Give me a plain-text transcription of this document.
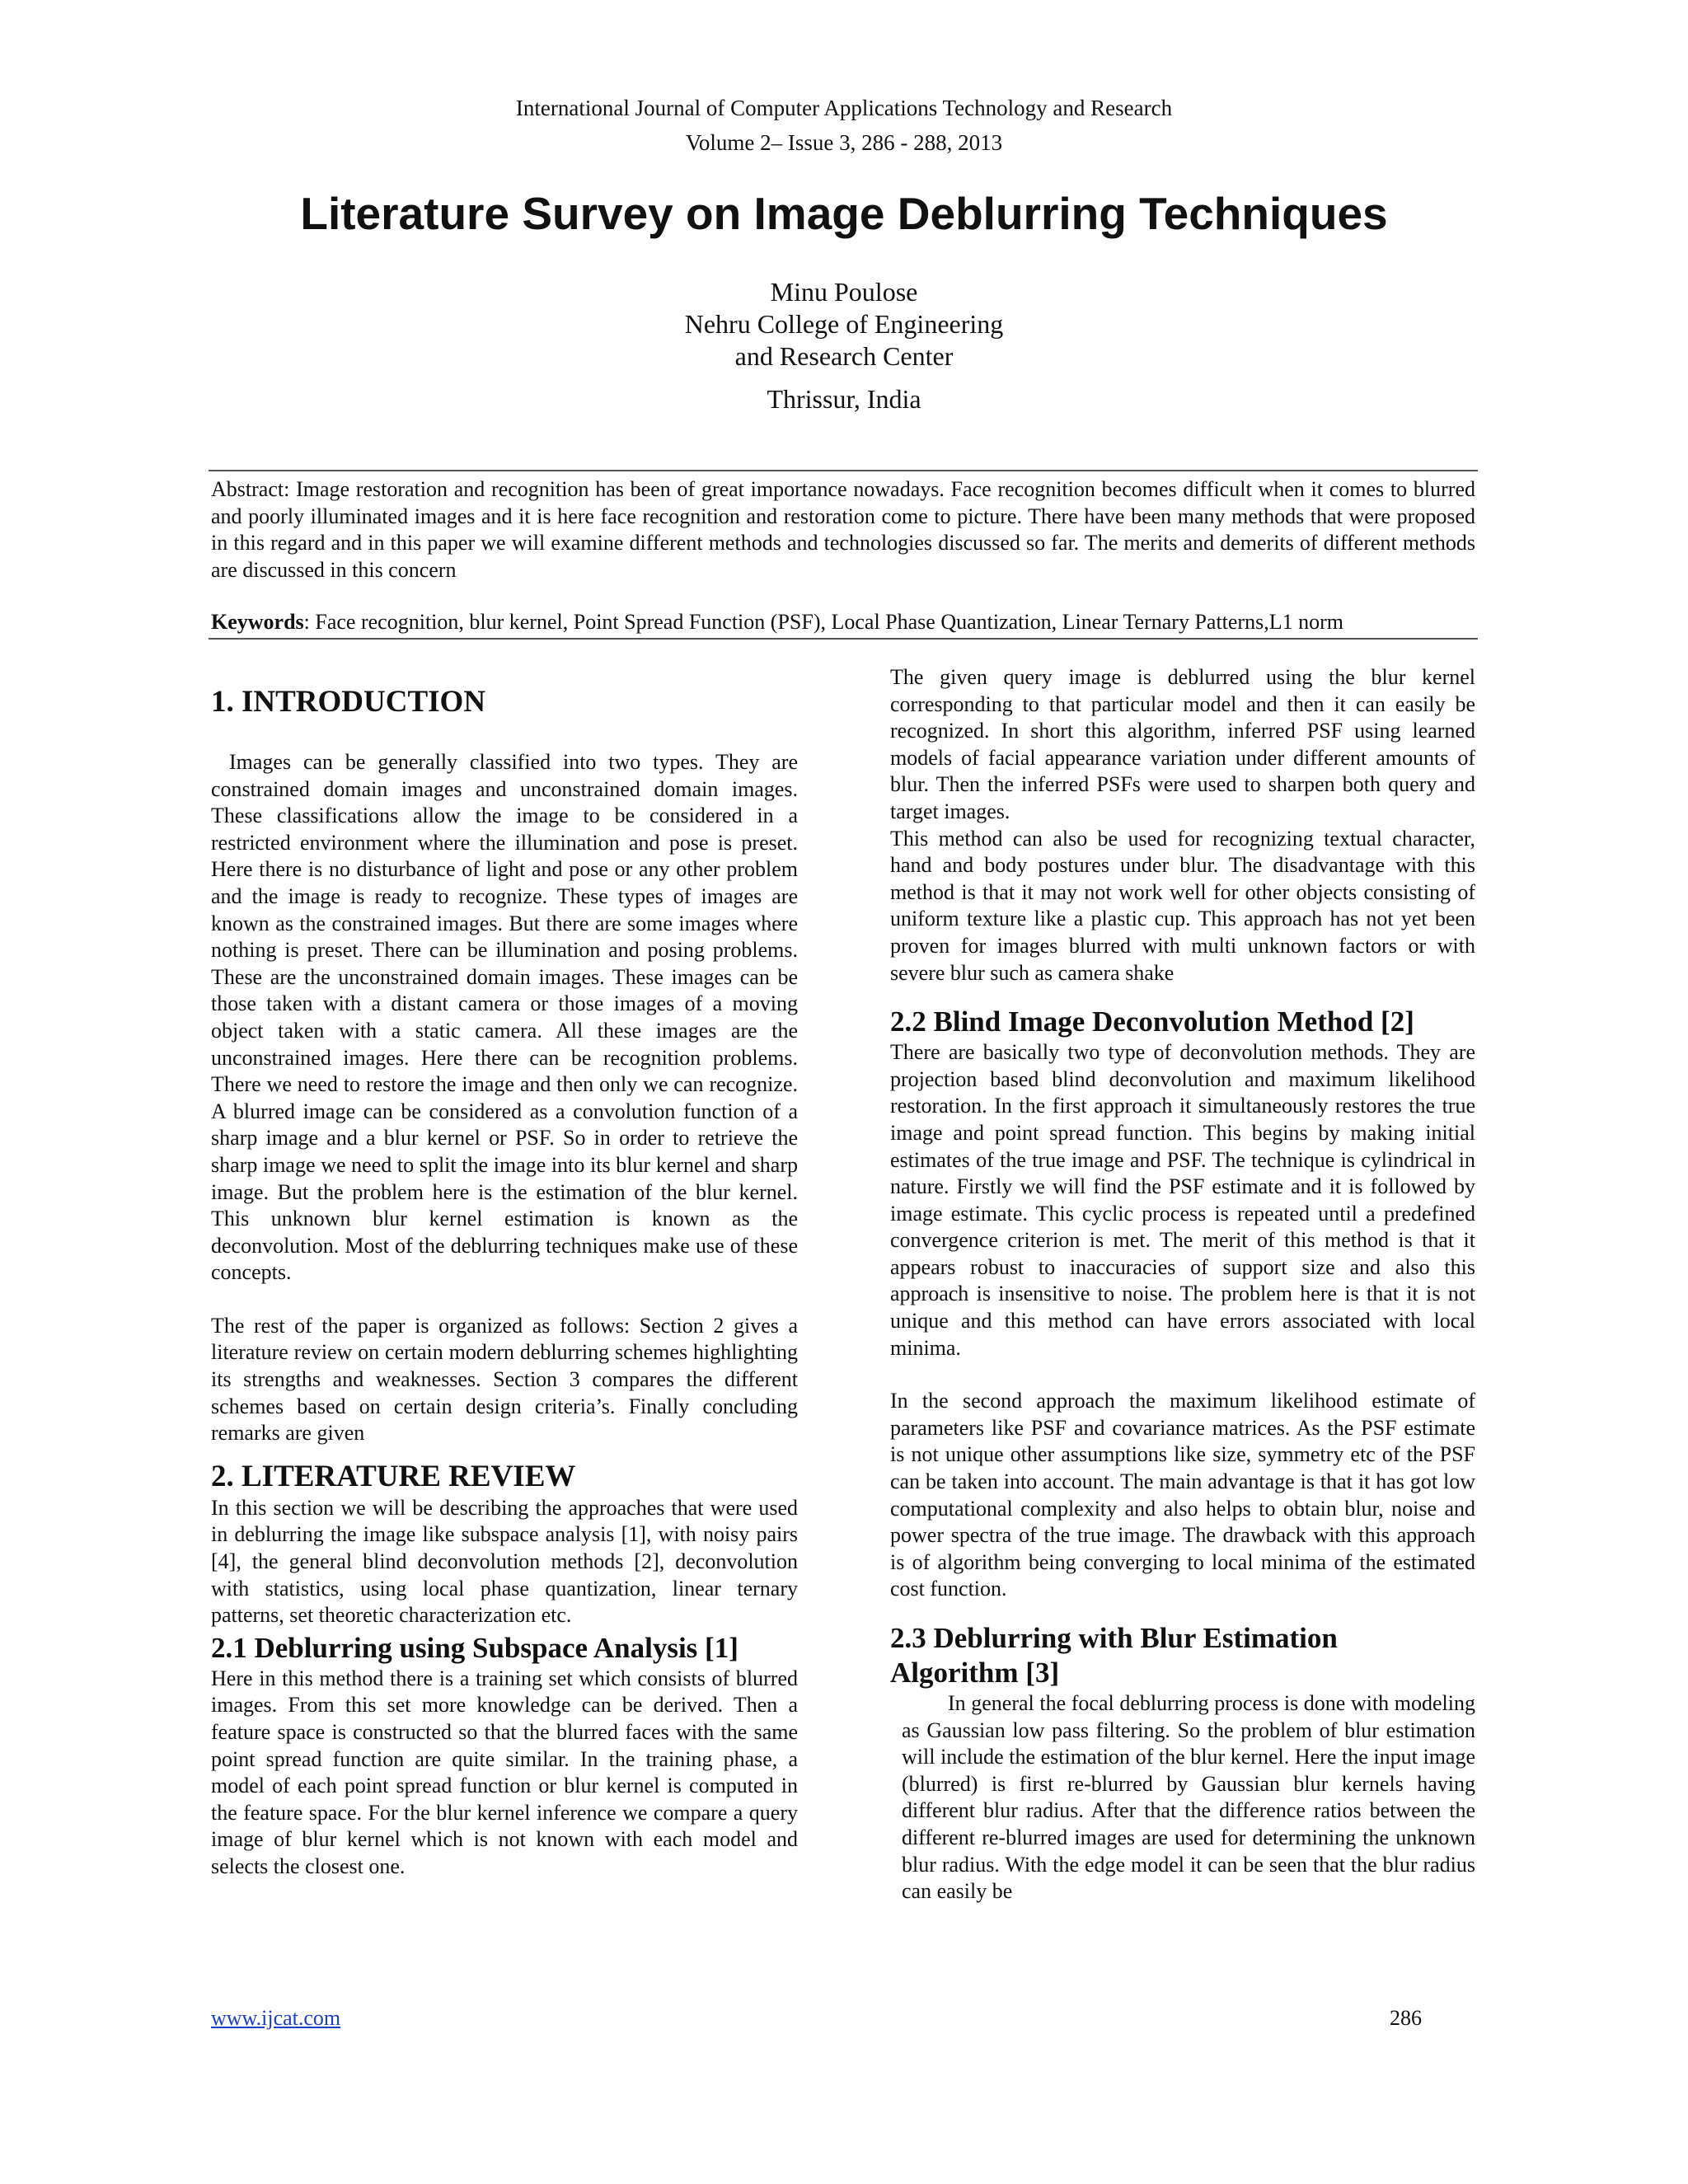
International Journal of Computer Applications Technology and Research
Volume 2– Issue 3, 286 - 288, 2013
Literature Survey on Image Deblurring Techniques
Minu Poulose
Nehru College of Engineering
and Research Center
Thrissur, India
Abstract: Image restoration and recognition has been of great importance nowadays. Face recognition becomes difficult when it comes to blurred and poorly illuminated images and it is here face recognition and restoration come to picture. There have been many methods that were proposed in this regard and in this paper we will examine different methods and technologies discussed so far. The merits and demerits of different methods are discussed in this concern
Keywords: Face recognition, blur kernel, Point Spread Function (PSF), Local Phase Quantization, Linear Ternary Patterns,L1 norm
1. INTRODUCTION

Images can be generally classified into two types. They are constrained domain images and unconstrained domain images. These classifications allow the image to be considered in a restricted environment where the illumination and pose is preset. Here there is no disturbance of light and pose or any other problem and the image is ready to recognize. These types of images are known as the constrained images. But there are some images where nothing is preset. There can be illumination and posing problems. These are the unconstrained domain images. These images can be those taken with a distant camera or those images of a moving object taken with a static camera. All these images are the unconstrained images. Here there can be recognition problems. There we need to restore the image and then only we can recognize. A blurred image can be considered as a convolution function of a sharp image and a blur kernel or PSF. So in order to retrieve the sharp image we need to split the image into its blur kernel and sharp image. But the problem here is the estimation of the blur kernel. This unknown blur kernel estimation is known as the deconvolution. Most of the deblurring techniques make use of these concepts.

The rest of the paper is organized as follows: Section 2 gives a literature review on certain modern deblurring schemes highlighting its strengths and weaknesses. Section 3 compares the different schemes based on certain design criteria’s. Finally concluding remarks are given

2. LITERATURE REVIEW

In this section we will be describing the approaches that were used in deblurring the image like subspace analysis [1], with noisy pairs [4], the general blind deconvolution methods [2], deconvolution with statistics, using local phase quantization, linear ternary patterns, set theoretic characterization etc.

2.1 Deblurring using Subspace Analysis [1]

Here in this method there is a training set which consists of blurred images. From this set more knowledge can be derived. Then a feature space is constructed so that the blurred faces with the same point spread function are quite similar. In the training phase, a model of each point spread function or blur kernel is computed in the feature space. For the blur kernel inference we compare a query image of blur kernel which is not known with each model and selects the closest one.

The given query image is deblurred using the blur kernel corresponding to that particular model and then it can easily be recognized. In short this algorithm, inferred PSF using learned models of facial appearance variation under different amounts of blur. Then the inferred PSFs were used to sharpen both query and target images.

This method can also be used for recognizing textual character, hand and body postures under blur. The disadvantage with this method is that it may not work well for other objects consisting of uniform texture like a plastic cup. This approach has not yet been proven for images blurred with multi unknown factors or with severe blur such as camera shake

2.2 Blind Image Deconvolution Method [2]

There are basically two type of deconvolution methods. They are projection based blind deconvolution and maximum likelihood restoration. In the first approach it simultaneously restores the true image and point spread function. This begins by making initial estimates of the true image and PSF. The technique is cylindrical in nature. Firstly we will find the PSF estimate and it is followed by image estimate. This cyclic process is repeated until a predefined convergence criterion is met. The merit of this method is that it appears robust to inaccuracies of support size and also this approach is insensitive to noise. The problem here is that it is not unique and this method can have errors associated with local minima.

In the second approach the maximum likelihood estimate of parameters like PSF and covariance matrices. As the PSF estimate is not unique other assumptions like size, symmetry etc of the PSF can be taken into account. The main advantage is that it has got low computational complexity and also helps to obtain blur, noise and power spectra of the true image. The drawback with this approach is of algorithm being converging to local minima of the estimated cost function.

2.3 Deblurring with Blur Estimation
Algorithm [3]

In general the focal deblurring process is done with modeling as Gaussian low pass filtering. So the problem of blur estimation will include the estimation of the blur kernel. Here the input image (blurred) is first re-blurred by Gaussian blur kernels having different blur radius. After that the difference ratios between the different re-blurred images are used for determining the unknown blur radius. With the edge model it can be seen that the blur radius can easily be

www.ijcat.com	286
